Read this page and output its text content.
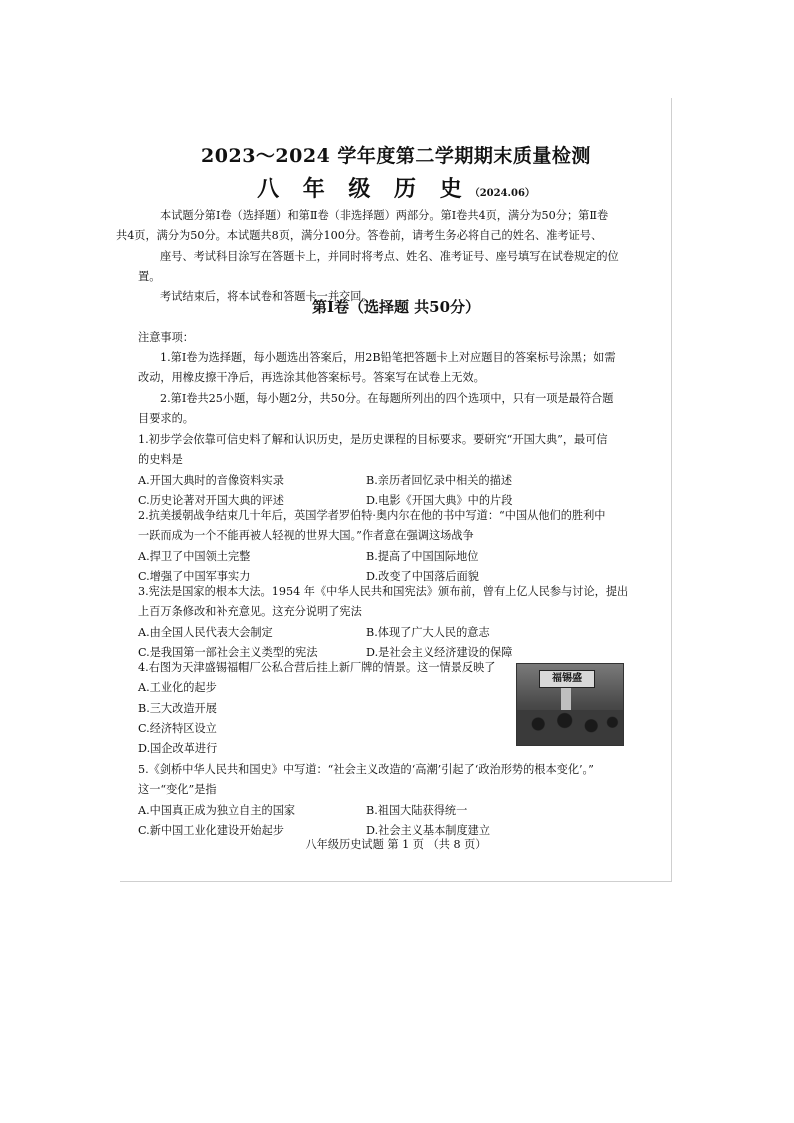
2023～2024 学年度第二学期期末质量检测
八 年 级 历 史（2024.06）
本试题分第Ⅰ卷（选择题）和第Ⅱ卷（非选择题）两部分。第Ⅰ卷共4页，满分为50分；第Ⅱ卷
共4页，满分为50分。本试题共8页，满分100分。答卷前，请考生务必将自己的姓名、准考证号、
座号、考试科目涂写在答题卡上，并同时将考点、姓名、准考证号、座号填写在试卷规定的位置。
考试结束后，将本试卷和答题卡一并交回。
第Ⅰ卷（选择题 共50分）
注意事项：
1.第Ⅰ卷为选择题，每小题选出答案后，用2B铅笔把答题卡上对应题目的答案标号涂黑；如需
改动，用橡皮擦干净后，再选涂其他答案标号。答案写在试卷上无效。
2.第Ⅰ卷共25小题，每小题2分，共50分。在每题所列出的四个选项中，只有一项是最符合题
目要求的。
1.初步学会依靠可信史料了解和认识历史，是历史课程的目标要求。要研究“开国大典”，最可信
的史料是
A.开国大典时的音像资料实录	B.亲历者回忆录中相关的描述
C.历史论著对开国大典的评述	D.电影《开国大典》中的片段
2.抗美援朝战争结束几十年后，英国学者罗伯特·奥内尔在他的书中写道：“中国从他们的胜利中
一跃而成为一个不能再被人轻视的世界大国。”作者意在强调这场战争
A.捍卫了中国领土完整	B.提高了中国国际地位
C.增强了中国军事实力	D.改变了中国落后面貌
3.宪法是国家的根本大法。1954 年《中华人民共和国宪法》颁布前，曾有上亿人民参与讨论，提出
上百万条修改和补充意见。这充分说明了宪法
A.由全国人民代表大会制定	B.体现了广大人民的意志
C.是我国第一部社会主义类型的宪法	D.是社会主义经济建设的保障
4.右图为天津盛锡福帽厂公私合营后挂上新厂牌的情景。这一情景反映了
A.工业化的起步
B.三大改造开展
C.经济特区设立
D.国企改革进行
福锡盛
5.《剑桥中华人民共和国史》中写道：“社会主义改造的‘高潮’引起了‘政治形势的根本变化’。”
这一“变化”是指
A.中国真正成为独立自主的国家	B.祖国大陆获得统一
C.新中国工业化建设开始起步	D.社会主义基本制度建立
八年级历史试题 第 1 页 （共 8 页）
